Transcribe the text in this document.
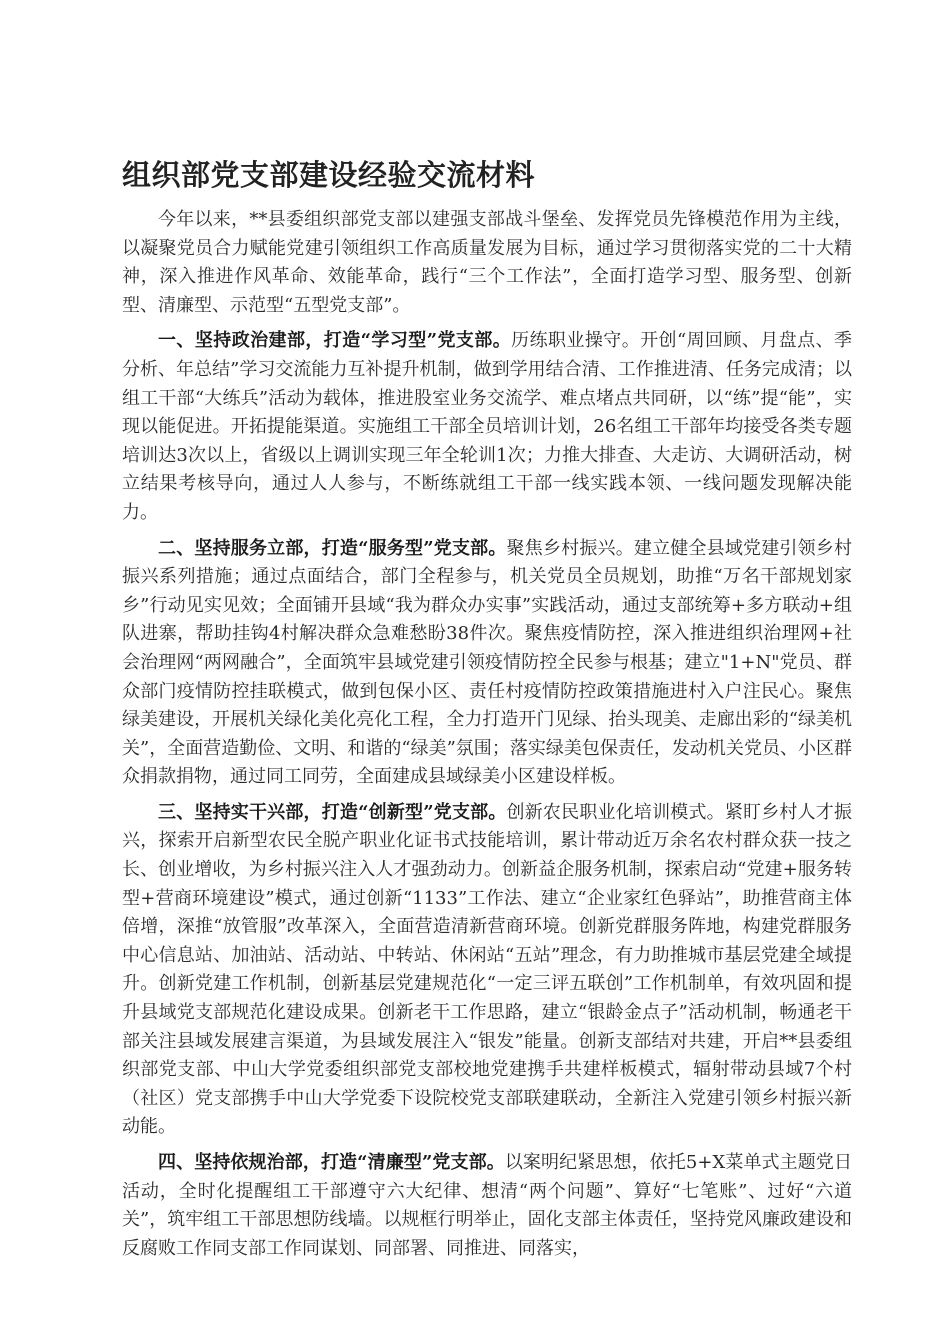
组织部党支部建设经验交流材料

今年以来，**县委组织部党支部以建强支部战斗堡垒、发挥党员先锋模范作用为主线，以凝聚党员合力赋能党建引领组织工作高质量发展为目标，通过学习贯彻落实党的二十大精神，深入推进作风革命、效能革命，践行“三个工作法”，全面打造学习型、服务型、创新型、清廉型、示范型“五型党支部”。

一、坚持政治建部，打造“学习型”党支部。历练职业操守。开创“周回顾、月盘点、季分析、年总结”学习交流能力互补提升机制，做到学用结合清、工作推进清、任务完成清；以组工干部“大练兵”活动为载体，推进股室业务交流学、难点堵点共同研，以“练”提“能”，实现以能促进。开拓提能渠道。实施组工干部全员培训计划，26名组工干部年均接受各类专题培训达3次以上，省级以上调训实现三年全轮训1次；力推大排查、大走访、大调研活动，树立结果考核导向，通过人人参与，不断练就组工干部一线实践本领、一线问题发现解决能力。

二、坚持服务立部，打造“服务型”党支部。聚焦乡村振兴。建立健全县域党建引领乡村振兴系列措施；通过点面结合，部门全程参与，机关党员全员规划，助推“万名干部规划家乡”行动见实见效；全面铺开县域“我为群众办实事”实践活动，通过支部统筹+多方联动+组队进寨，帮助挂钩4村解决群众急难愁盼38件次。聚焦疫情防控，深入推进组织治理网+社会治理网“两网融合”，全面筑牢县域党建引领疫情防控全民参与根基；建立"1+N"党员、群众部门疫情防控挂联模式，做到包保小区、责任村疫情防控政策措施进村入户注民心。聚焦绿美建设，开展机关绿化美化亮化工程，全力打造开门见绿、抬头现美、走廊出彩的“绿美机关”，全面营造勤俭、文明、和谐的“绿美”氛围；落实绿美包保责任，发动机关党员、小区群众捐款捐物，通过同工同劳，全面建成县域绿美小区建设样板。

三、坚持实干兴部，打造“创新型”党支部。创新农民职业化培训模式。紧盯乡村人才振兴，探索开启新型农民全脱产职业化证书式技能培训，累计带动近万余名农村群众获一技之长、创业增收，为乡村振兴注入人才强劲动力。创新益企服务机制，探索启动“党建+服务转型+营商环境建设”模式，通过创新“1133”工作法、建立“企业家红色驿站”，助推营商主体倍增，深推“放管服”改革深入，全面营造清新营商环境。创新党群服务阵地，构建党群服务中心信息站、加油站、活动站、中转站、休闲站“五站”理念，有力助推城市基层党建全域提升。创新党建工作机制，创新基层党建规范化“一定三评五联创”工作机制单，有效巩固和提升县域党支部规范化建设成果。创新老干工作思路，建立“银龄金点子”活动机制，畅通老干部关注县域发展建言渠道，为县域发展注入“银发”能量。创新支部结对共建，开启**县委组织部党支部、中山大学党委组织部党支部校地党建携手共建样板模式，辐射带动县域7个村（社区）党支部携手中山大学党委下设院校党支部联建联动，全新注入党建引领乡村振兴新动能。

四、坚持依规治部，打造“清廉型”党支部。以案明纪紧思想，依托5+X菜单式主题党日活动，全时化提醒组工干部遵守六大纪律、想清“两个问题”、算好“七笔账”、过好“六道关”，筑牢组工干部思想防线墙。以规框行明举止，固化支部主体责任，坚持党风廉政建设和反腐败工作同支部工作同谋划、同部署、同推进、同落实，
